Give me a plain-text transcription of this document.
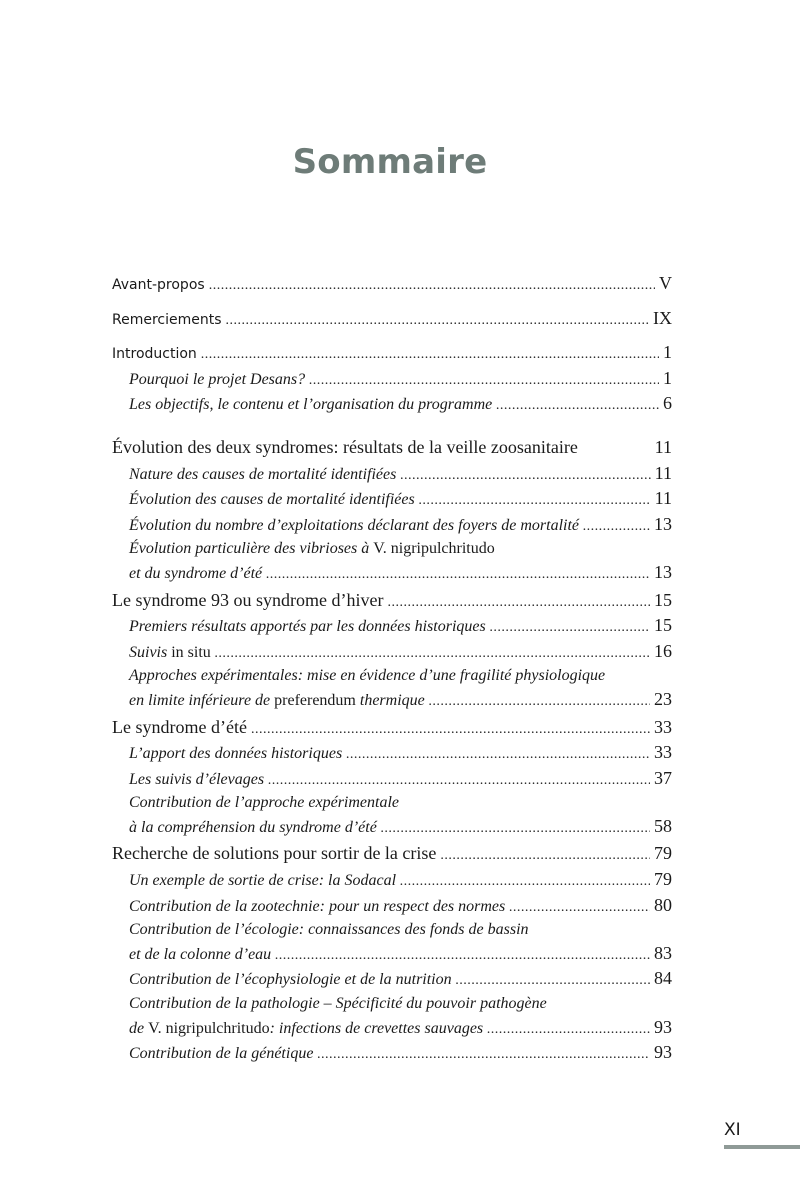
Sommaire
Avant-propos . . .	V
Remerciements . . .	IX
Introduction . . .	1
Pourquoi le projet Desans? . . .	1
Les objectifs, le contenu et l’organisation du programme . . .	6
Évolution des deux syndromes: résultats de la veille zoosanitaire	11
Nature des causes de mortalité identifiées . . .	11
Évolution des causes de mortalité identifiées . . .	11
Évolution du nombre d’exploitations déclarant des foyers de mortalité . . .	13
Évolution particulière des vibrioses à V. nigripulchritudo
et du syndrome d’été . . .	13
Le syndrome 93 ou syndrome d’hiver . . .	15
Premiers résultats apportés par les données historiques . . .	15
Suivis in situ . . .	16
Approches expérimentales: mise en évidence d’une fragilité physiologique
en limite inférieure de preferendum thermique . . .	23
Le syndrome d’été . . .	33
L’apport des données historiques . . .	33
Les suivis d’élevages . . .	37
Contribution de l’approche expérimentale
à la compréhension du syndrome d’été . . .	58
Recherche de solutions pour sortir de la crise . . .	79
Un exemple de sortie de crise: la Sodacal . . .	79
Contribution de la zootechnie: pour un respect des normes . . .	80
Contribution de l’écologie: connaissances des fonds de bassin
et de la colonne d’eau . . .	83
Contribution de l’écophysiologie et de la nutrition . . .	84
Contribution de la pathologie – Spécificité du pouvoir pathogène
de V. nigripulchritudo: infections de crevettes sauvages . . .	93
Contribution de la génétique . . .	93
XI
